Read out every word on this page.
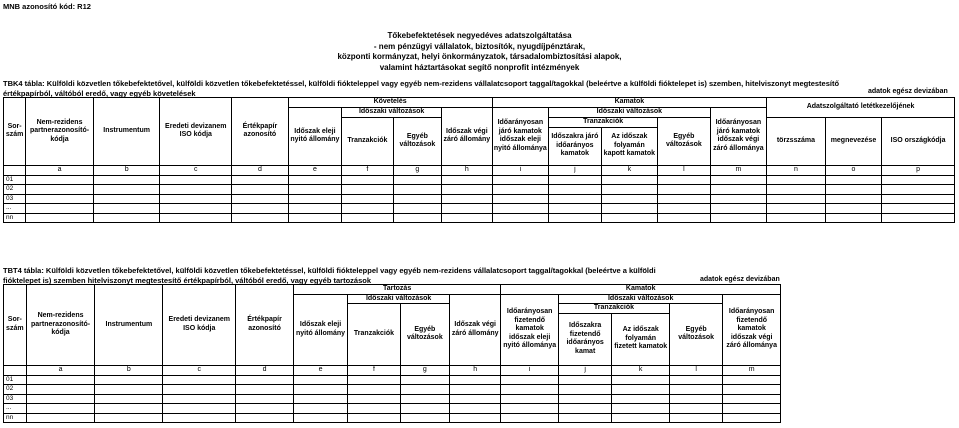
MNB azonosító kód: R12
Tőkebefektetések negyedéves adatszolgáltatása
- nem pénzügyi vállalatok, biztosítók, nyugdíjpénztárak,
központi kormányzat, helyi önkormányzatok, társadalombiztosítási alapok,
valamint háztartásokat segítő nonprofit intézmények
TBK4 tábla: Külföldi közvetlen tőkebefektetővel, külföldi közvetlen tőkebefektetéssel, külföldi fióktelеppel vagy egyéb nem-rezidens vállalatcsoport taggal/tagokkal (beleértve a külföldi fióktelepet is) szemben, hitelviszonyt megtestesítő
értékpapírból, váltóból eredő, vagy egyéb követelések	adatok egész devizában
Sor-
szám	Nem-rezidens partnerazonosító-kódja	Instrumentum	Eredeti devizanem ISO kódja	Értékpapír azonosító	Követelés				Kamatok					Adatszolgáltató letétkezelőjének		
					Időszak eleji nyitó állomány	Időszaki változások		Időszak végi záró állomány	Időarányosan járó kamatok időszak eleji nyitó állománya	Időszaki változások			Időarányosan járó kamatok időszak végi záró állománya			
						Tranzakciók	Egyéb változások			Tranzakciók		Egyéb változások		törzsszáma	megnevezése	ISO országkódja
										Időszakra járó időarányos kamatok	Az időszak folyamán kapott kamatok					
	a	b	c	d	e	f	g	h	i	j	k	l	m	n	o	p
01																
02																
03																
...																
nn																
TBT4 tábla: Külföldi közvetlen tőkebefektetővel, külföldi közvetlen tőkebefektetéssel, külföldi fiókteleppel vagy egyéb nem-rezidens vállalatcsoport taggal/tagokkal (beleértve a külföldi
fióktelepet is) szemben hitelviszonyt megtestesítő értékpapírból, váltóból eredő, vagy egyéb tartozások	adatok egész devizában
Sor-
szám	Nem-rezidens partnerazonosító-kódja	Instrumentum	Eredeti devizanem ISO kódja	Értékpapír azonosító	Tartozás				Kamatok				
					Időszak eleji nyitó állomány	Időszaki változások		Időszak végi záró állomány	Időarányosan fizetendő kamatok időszak eleji nyitó állománya	Időszaki változások			Időarányosan fizetendő kamatok időszak végi záró állománya
						Tranzakciók	Egyéb változások			Tranzakciók		Egyéb változások	
										Időszakra fizetendő időarányos kamat	Az időszak folyamán fizetett kamatok		
	a	b	c	d	e	f	g	h	i	j	k	l	m
01													
02													
03													
...													
nn													
